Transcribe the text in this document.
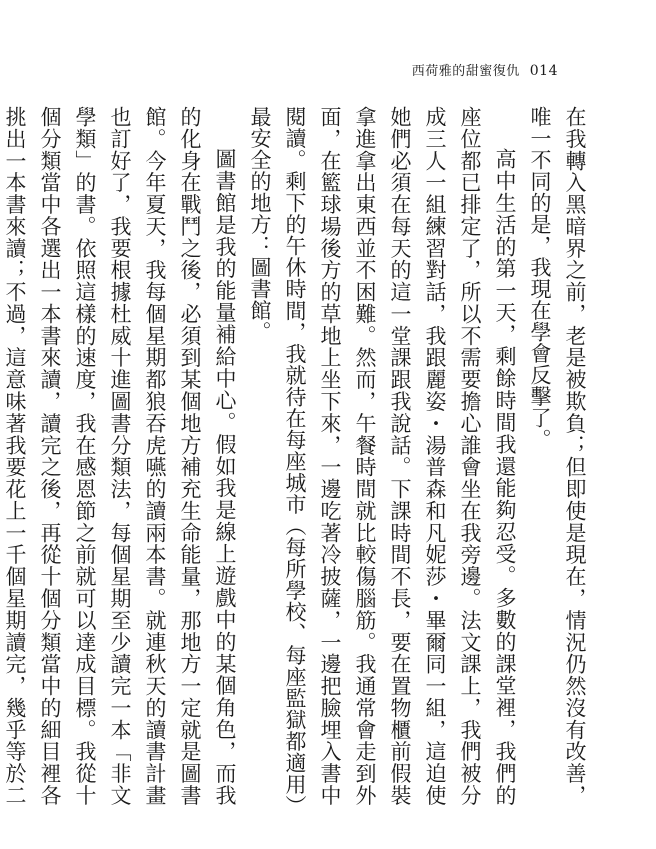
西荷雅的甜蜜復仇 014

在我轉入黑暗界之前，老是被欺負；但即使是現在，情況仍然沒有改善，唯一不同的是，我現在學會反擊了。

高中生活的第一天，剩餘時間我還能夠忍受。多數的課堂裡，我們的座位都已排定了，所以不需要擔心誰會坐在我旁邊。法文課上，我們被分成三人一組練習對話，我跟麗姿・湯普森和凡妮莎・畢爾同一組，這迫使她們必須在每天的這一堂課跟我說話。下課時間不長，要在置物櫃前假裝拿進拿出東西並不困難。然而，午餐時間就比較傷腦筋。我通常會走到外面，在籃球場後方的草地上坐下來，一邊吃著冷披薩，一邊把臉埋入書中閱讀。剩下的午休時間，我就待在每座城市（每所學校、每座監獄都適用）最安全的地方：圖書館。

圖書館是我的能量補給中心。假如我是線上遊戲中的某個角色，而我的化身在戰鬥之後，必須到某個地方補充生命能量，那地方一定就是圖書館。今年夏天，我每個星期都狼吞虎嚥的讀兩本書。就連秋天的讀書計畫也訂好了，我要根據杜威十進圖書分類法，每個星期至少讀完一本「非文學類」的書。依照這樣的速度，我在感恩節之前就可以達成目標。我從十個分類當中各選出一本書來讀，讀完之後，再從十個分類當中的細目裡各挑出一本書來讀；不過，這意味著我要花上一千個星期讀完，幾乎等於二
